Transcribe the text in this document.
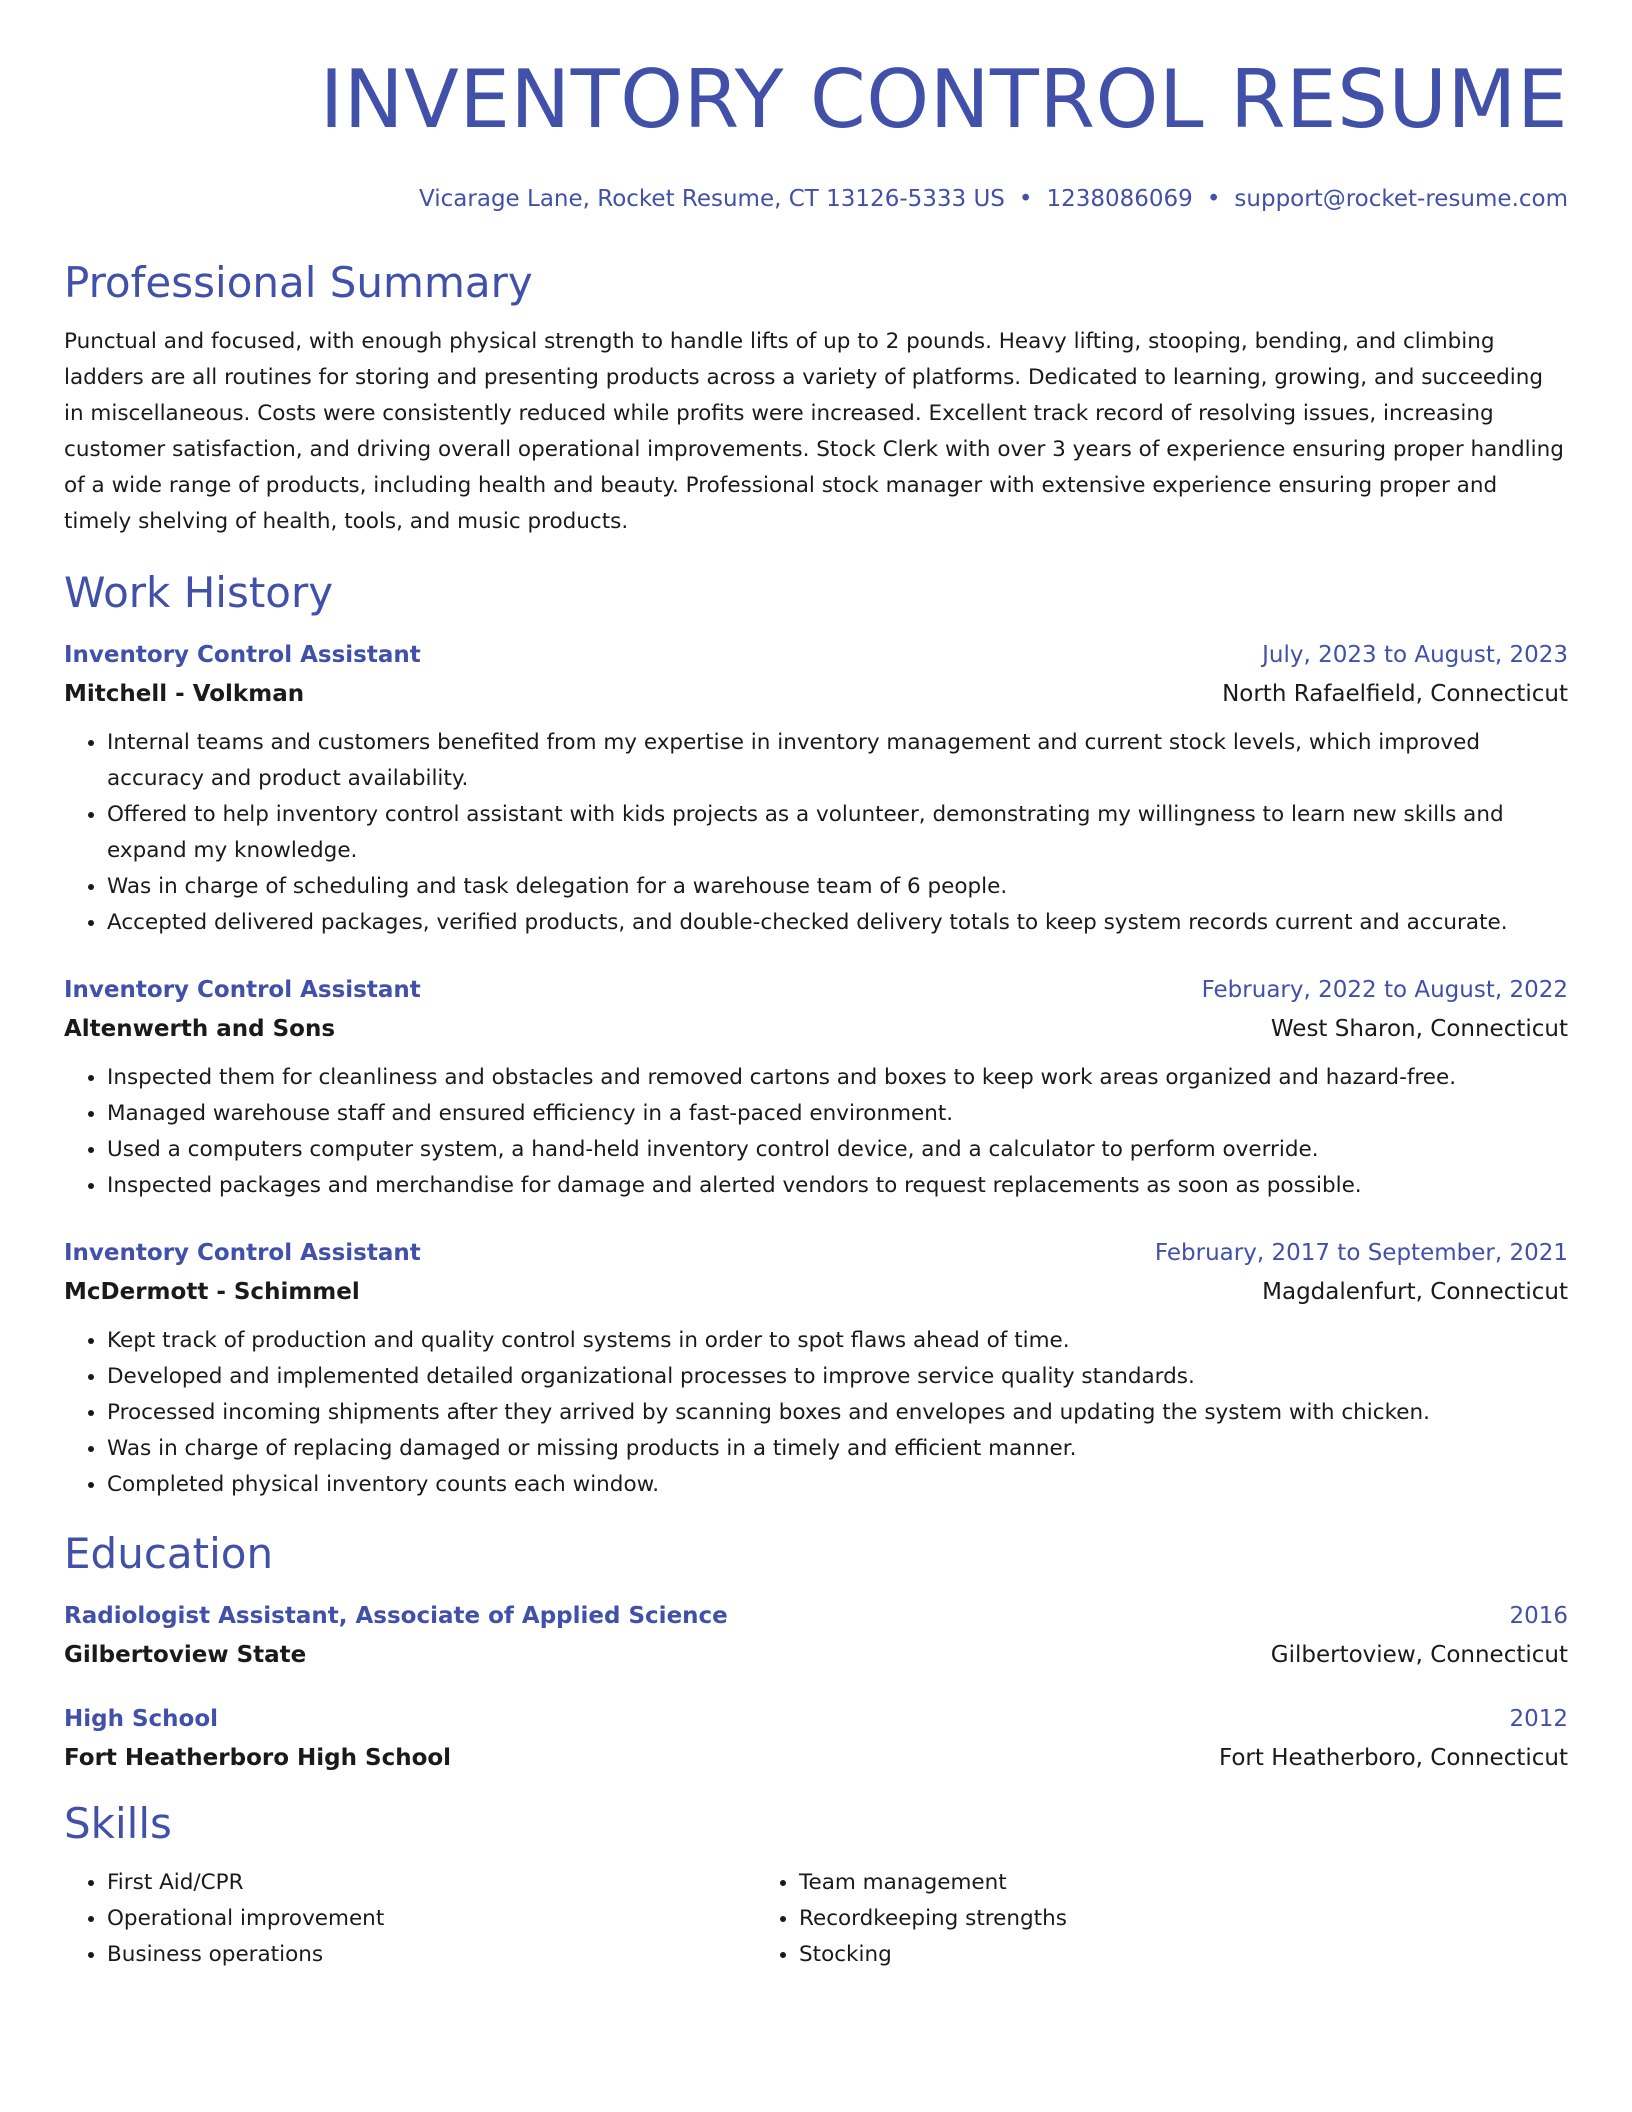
INVENTORY CONTROL RESUME
Vicarage Lane, Rocket Resume, CT 13126-5333 US • 1238086069 • support@rocket-resume.com
Professional Summary
Punctual and focused, with enough physical strength to handle lifts of up to 2 pounds. Heavy lifting, stooping, bending, and climbing ladders are all routines for storing and presenting products across a variety of platforms. Dedicated to learning, growing, and succeeding in miscellaneous. Costs were consistently reduced while profits were increased. Excellent track record of resolving issues, increasing customer satisfaction, and driving overall operational improvements. Stock Clerk with over 3 years of experience ensuring proper handling of a wide range of products, including health and beauty. Professional stock manager with extensive experience ensuring proper and timely shelving of health, tools, and music products.
Work History
Inventory Control Assistant	July, 2023 to August, 2023
Mitchell - Volkman	North Rafaelfield, Connecticut
• Internal teams and customers benefited from my expertise in inventory management and current stock levels, which improved accuracy and product availability.
• Offered to help inventory control assistant with kids projects as a volunteer, demonstrating my willingness to learn new skills and expand my knowledge.
• Was in charge of scheduling and task delegation for a warehouse team of 6 people.
• Accepted delivered packages, verified products, and double-checked delivery totals to keep system records current and accurate.
Inventory Control Assistant	February, 2022 to August, 2022
Altenwerth and Sons	West Sharon, Connecticut
• Inspected them for cleanliness and obstacles and removed cartons and boxes to keep work areas organized and hazard-free.
• Managed warehouse staff and ensured efficiency in a fast-paced environment.
• Used a computers computer system, a hand-held inventory control device, and a calculator to perform override.
• Inspected packages and merchandise for damage and alerted vendors to request replacements as soon as possible.
Inventory Control Assistant	February, 2017 to September, 2021
McDermott - Schimmel	Magdalenfurt, Connecticut
• Kept track of production and quality control systems in order to spot flaws ahead of time.
• Developed and implemented detailed organizational processes to improve service quality standards.
• Processed incoming shipments after they arrived by scanning boxes and envelopes and updating the system with chicken.
• Was in charge of replacing damaged or missing products in a timely and efficient manner.
• Completed physical inventory counts each window.
Education
Radiologist Assistant, Associate of Applied Science	2016
Gilbertoview State	Gilbertoview, Connecticut
High School	2012
Fort Heatherboro High School	Fort Heatherboro, Connecticut
Skills
• First Aid/CPR
• Operational improvement
• Business operations
• Team management
• Recordkeeping strengths
• Stocking
